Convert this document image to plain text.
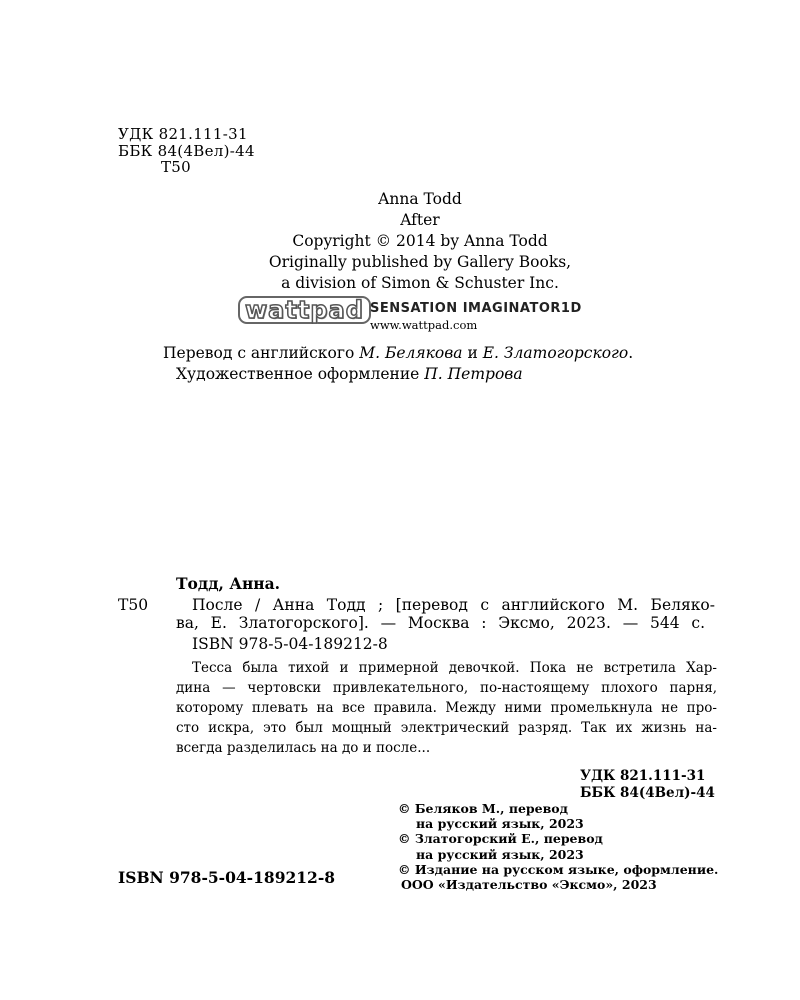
УДК 821.111-31
ББК 84(4Вел)-44
Т50
Anna Todd
After
Copyright © 2014 by Anna Todd
Originally published by Gallery Books,
a division of Simon & Schuster Inc.
wattpad SENSATION IMAGINATOR1D
www.wattpad.com
Перевод с английского М. Белякова и Е. Златогорского.
Художественное оформление П. Петрова
Тодд, Анна.
Т50	После / Анна Тодд ; [перевод с английского М. Беляко-
ва, Е. Златогорского]. — Москва : Эксмо, 2023. — 544 с.
ISBN 978-5-04-189212-8
Тесса была тихой и примерной девочкой. Пока не встретила Хар-
дина — чертовски привлекательного, по-настоящему плохого парня,
которому плевать на все правила. Между ними промелькнула не про-
сто искра, это был мощный электрический разряд. Так их жизнь на-
всегда разделилась на до и после...
УДК 821.111-31
ББК 84(4Вел)-44
© Беляков М., перевод
на русский язык, 2023
© Златогорский Е., перевод
на русский язык, 2023
© Издание на русском языке, оформление.
ООО «Издательство «Эксмо», 2023
ISBN 978-5-04-189212-8
